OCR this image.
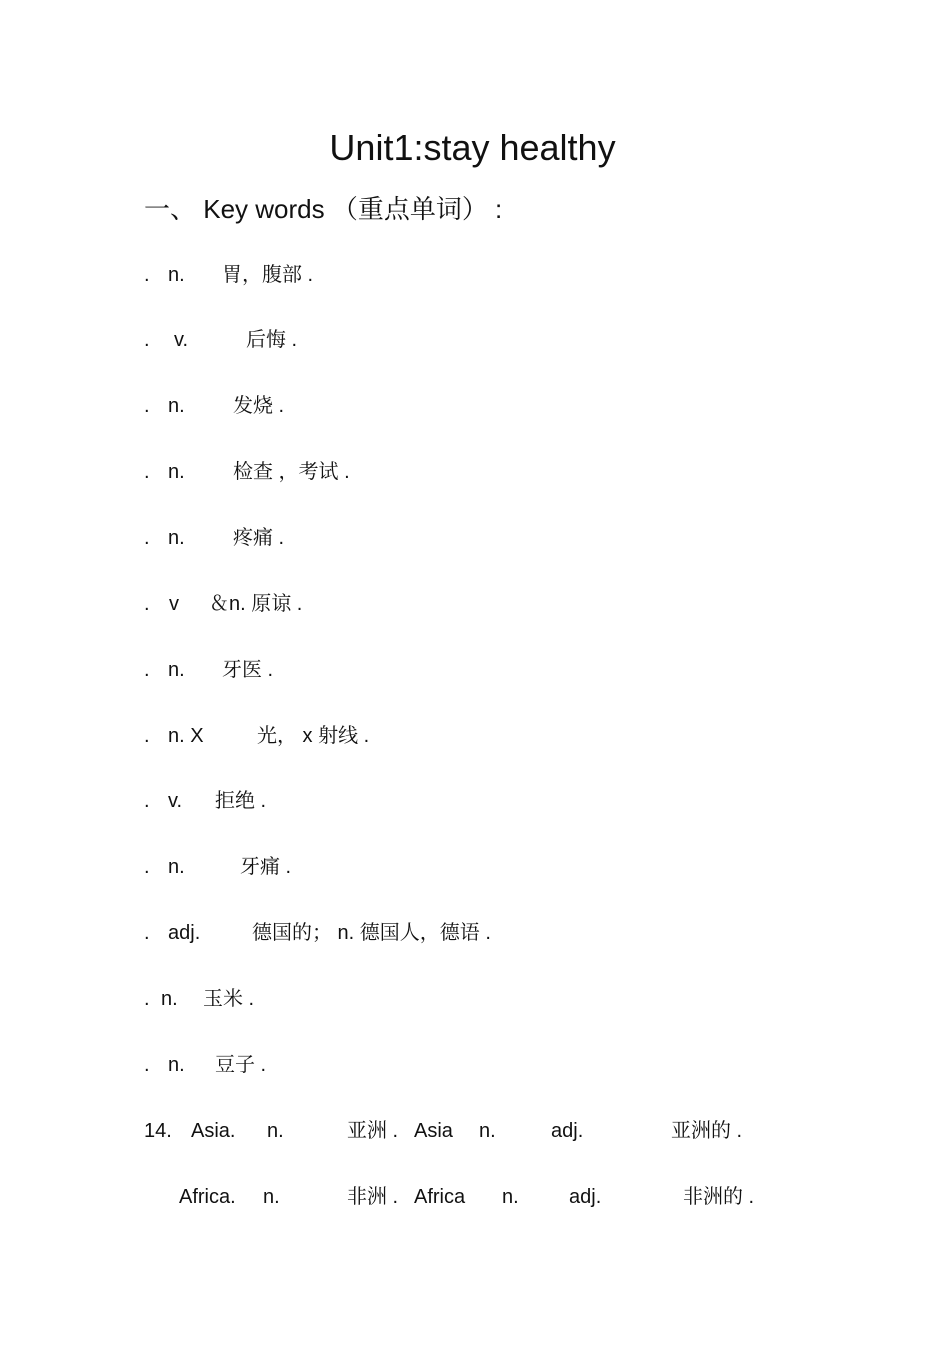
Unit1:stay healthy
一、 Key words （重点单词） :
. n. 胃，腹部 .
. v.	后悔 .
. n. 发烧 .
. n. 检查 ，考试 .
. n. 疼痛 .
. v ＆n. 原谅 .
. n. 牙医 .
. n. X	光， x 射线 .
. v. 拒绝 .
. n.	牙痛 .
. adj.	德国的； n. 德国人，德语 .
. n. 玉米 .
. n. 豆子 .
14. Asia. n.	亚洲 . Asia n.	adj.	亚洲的 .
Africa. n.	非洲 . Africa n.	adj.	非洲的 .
